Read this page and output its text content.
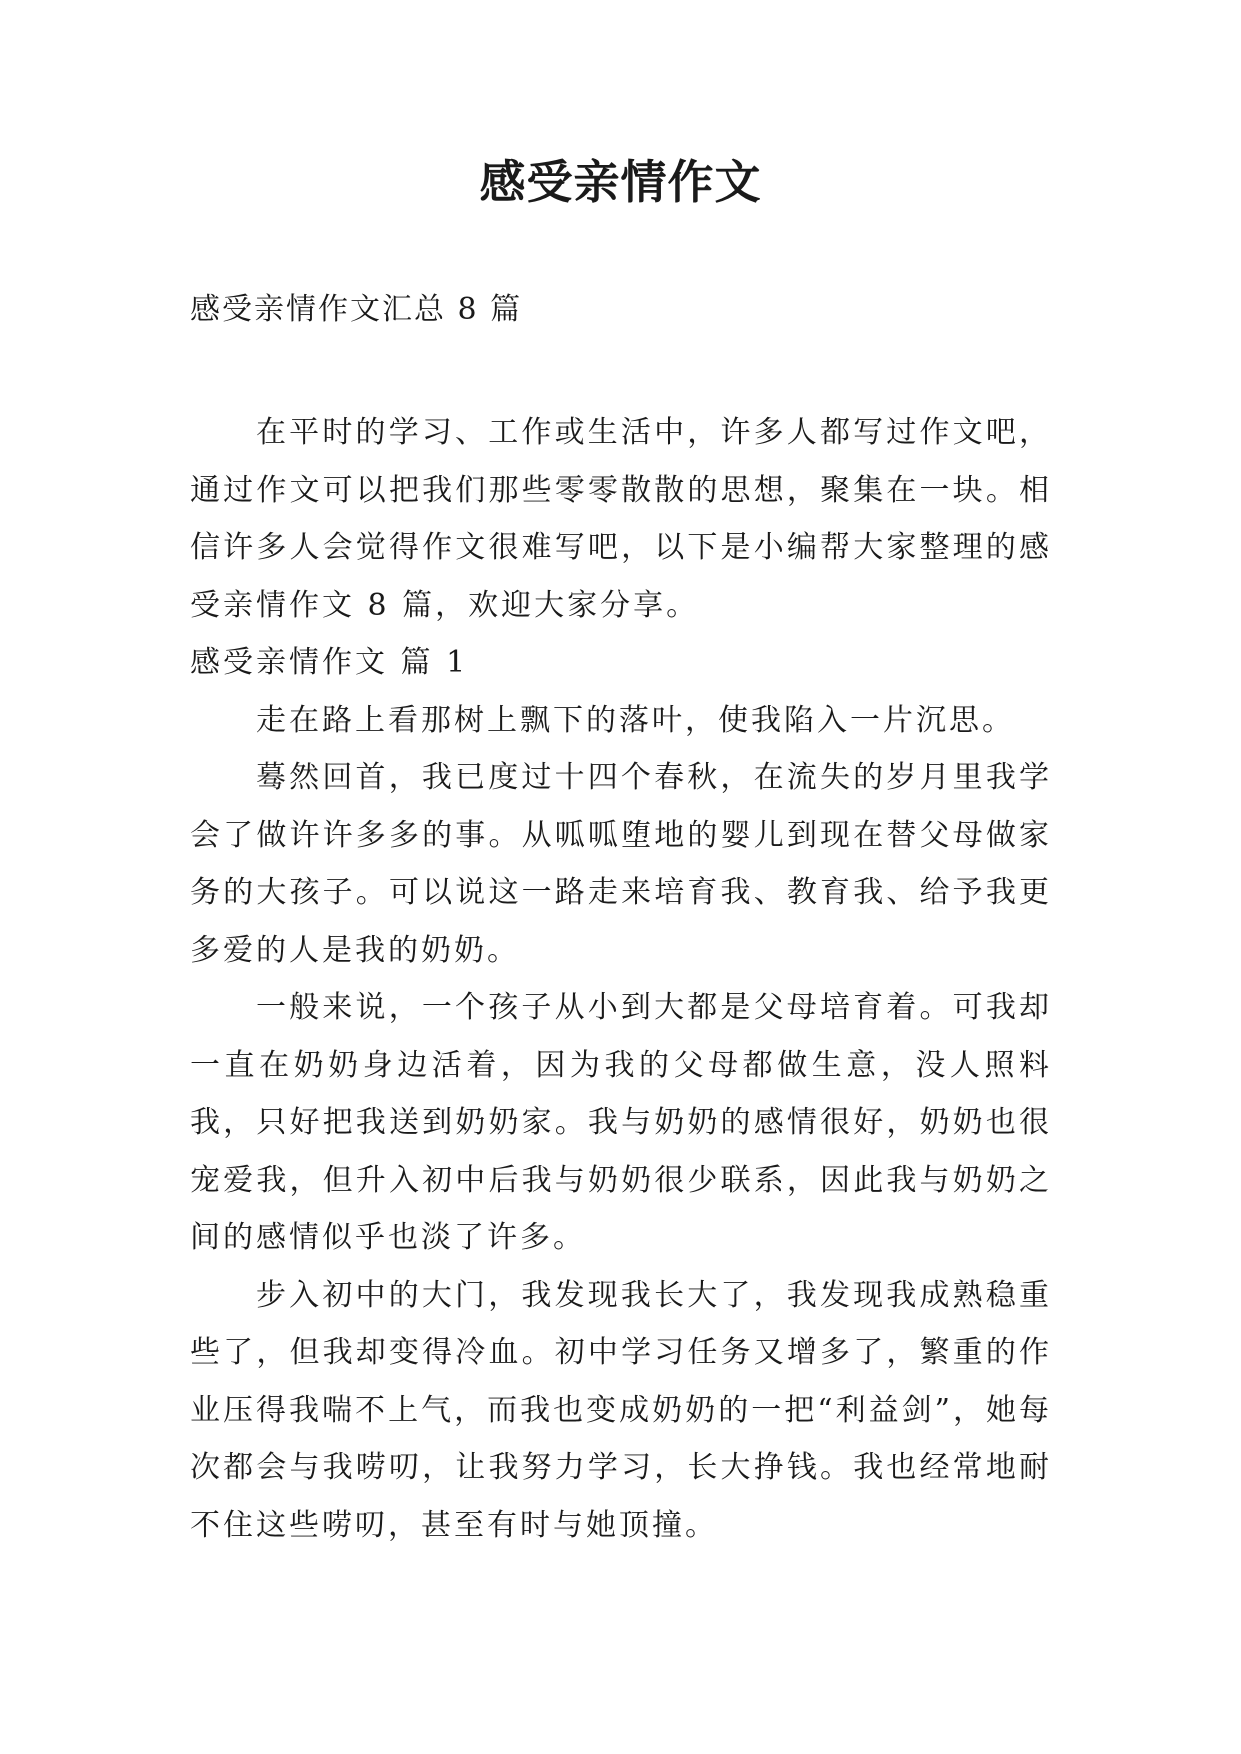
感受亲情作文

感受亲情作文汇总 8 篇

在平时的学习、工作或生活中，许多人都写过作文吧，通过作文可以把我们那些零零散散的思想，聚集在一块。相信许多人会觉得作文很难写吧，以下是小编帮大家整理的感受亲情作文 8 篇，欢迎大家分享。

感受亲情作文 篇 1

走在路上看那树上飘下的落叶，使我陷入一片沉思。

蓦然回首，我已度过十四个春秋，在流失的岁月里我学会了做许许多多的事。从呱呱堕地的婴儿到现在替父母做家务的大孩子。可以说这一路走来培育我、教育我、给予我更多爱的人是我的奶奶。

一般来说，一个孩子从小到大都是父母培育着。可我却一直在奶奶身边活着，因为我的父母都做生意，没人照料我，只好把我送到奶奶家。我与奶奶的感情很好，奶奶也很宠爱我，但升入初中后我与奶奶很少联系，因此我与奶奶之间的感情似乎也淡了许多。

步入初中的大门，我发现我长大了，我发现我成熟稳重些了，但我却变得冷血。初中学习任务又增多了，繁重的作业压得我喘不上气，而我也变成奶奶的一把“利益剑”，她每次都会与我唠叨，让我努力学习，长大挣钱。我也经常地耐不住这些唠叨，甚至有时与她顶撞。
